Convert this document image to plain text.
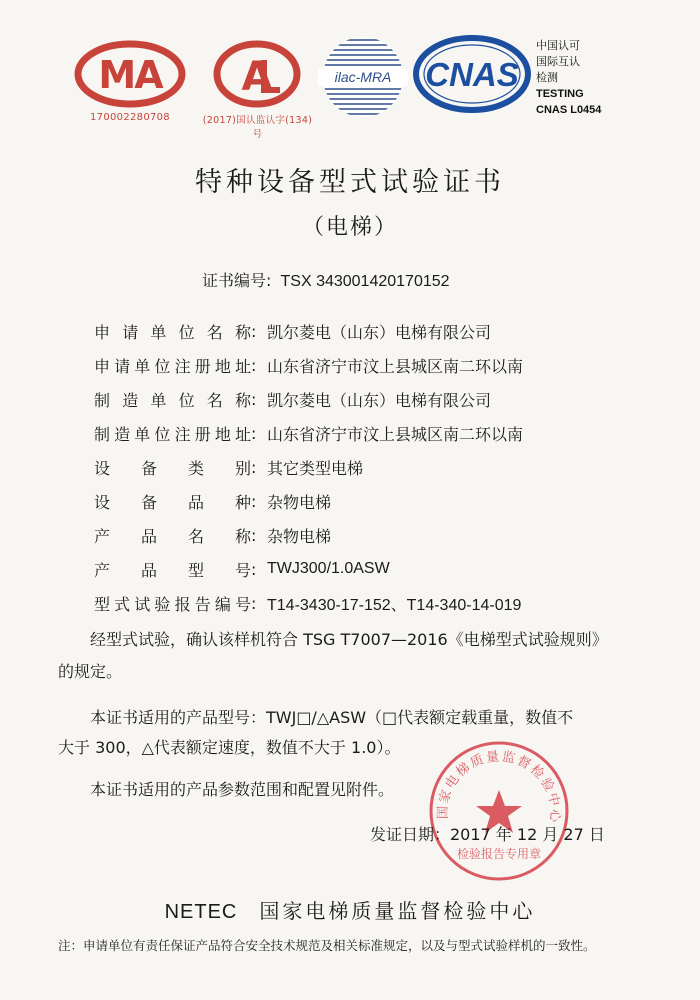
MA
170002280708
A
(2017)国认监认字(134)号
ilac-MRA	CNAS
中国认可
国际互认
检测
TESTING
CNAS L0454
特种设备型式试验证书
（电梯）
证书编号: TSX 343001420170152
申请单位名称 : 凯尔菱电（山东）电梯有限公司
申请单位注册地址 : 山东省济宁市汶上县城区南二环以南
制造单位名称 : 凯尔菱电（山东）电梯有限公司
制造单位注册地址 : 山东省济宁市汶上县城区南二环以南
设备类别 : 其它类型电梯
设备品种 : 杂物电梯
产品名称 : 杂物电梯
产品型号 : TWJ300/1.0ASW
型式试验报告编号 : T14-3430-17-152、T14-340-14-019
经型式试验，确认该样机符合 TSG T7007—2016《电梯型式试验规则》
的规定。
本证书适用的产品型号：TWJ□/△ASW（□代表额定载重量，数值不
大于 300，△代表额定速度，数值不大于 1.0）。
本证书适用的产品参数范围和配置见附件。
国家电梯质量监督检验中心
检验报告专用章
发证日期：2017 年 12 月 27 日
NETEC 国家电梯质量监督检验中心
注：申请单位有责任保证产品符合安全技术规范及相关标准规定，以及与型式试验样机的一致性。
